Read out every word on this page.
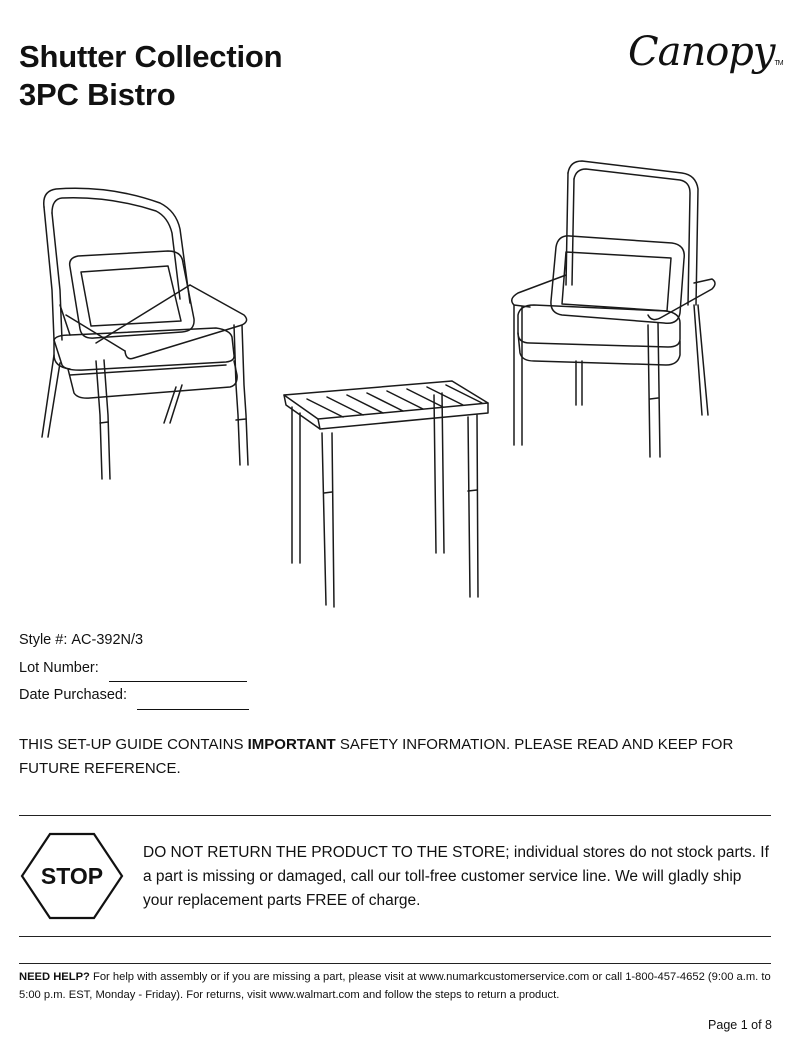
Shutter Collection
3PC Bistro
Canopy™
Style #:
AC-392N/3
Lot Number:
Date Purchased:
THIS SET-UP GUIDE CONTAINS IMPORTANT SAFETY INFORMATION. PLEASE READ AND KEEP FOR FUTURE REFERENCE.
STOP
DO NOT RETURN THE PRODUCT TO THE STORE; individual stores do not stock parts. If a part is missing or damaged, call our toll-free customer service line. We will gladly ship your replacement parts FREE of charge.
NEED HELP? For help with assembly or if you are missing a part, please visit at www.numarkcustomerservice.com or call 1-800-457-4652 (9:00 a.m. to 5:00 p.m. EST, Monday - Friday). For returns, visit www.walmart.com and follow the steps to return a product.
Page 1 of 8
